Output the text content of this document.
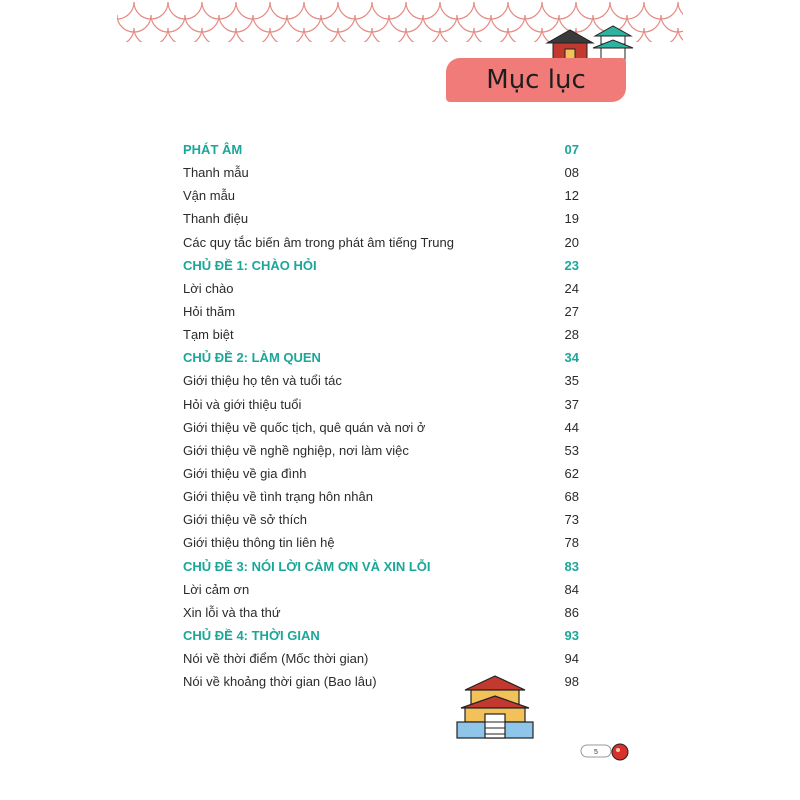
Mục lục
PHÁT ÂM	07
Thanh mẫu	08
Vận mẫu	12
Thanh điệu	19
Các quy tắc biến âm trong phát âm tiếng Trung	20
CHỦ ĐỀ 1: CHÀO HỎI	23
Lời chào	24
Hỏi thăm	27
Tạm biệt	28
CHỦ ĐỀ 2: LÀM QUEN	34
Giới thiệu họ tên và tuổi tác	35
Hỏi và giới thiệu tuổi	37
Giới thiệu về quốc tịch, quê quán và nơi ở	44
Giới thiệu về nghề nghiệp, nơi làm việc	53
Giới thiệu về gia đình	62
Giới thiệu về tình trạng hôn nhân	68
Giới thiệu về sở thích	73
Giới thiệu thông tin liên hệ	78
CHỦ ĐỀ 3: NÓI LỜI CẢM ƠN VÀ XIN LỖI	83
Lời cảm ơn	84
Xin lỗi và tha thứ	86
CHỦ ĐỀ 4: THỜI GIAN	93
Nói về thời điểm (Mốc thời gian)	94
Nói về khoảng thời gian (Bao lâu)	98
5
